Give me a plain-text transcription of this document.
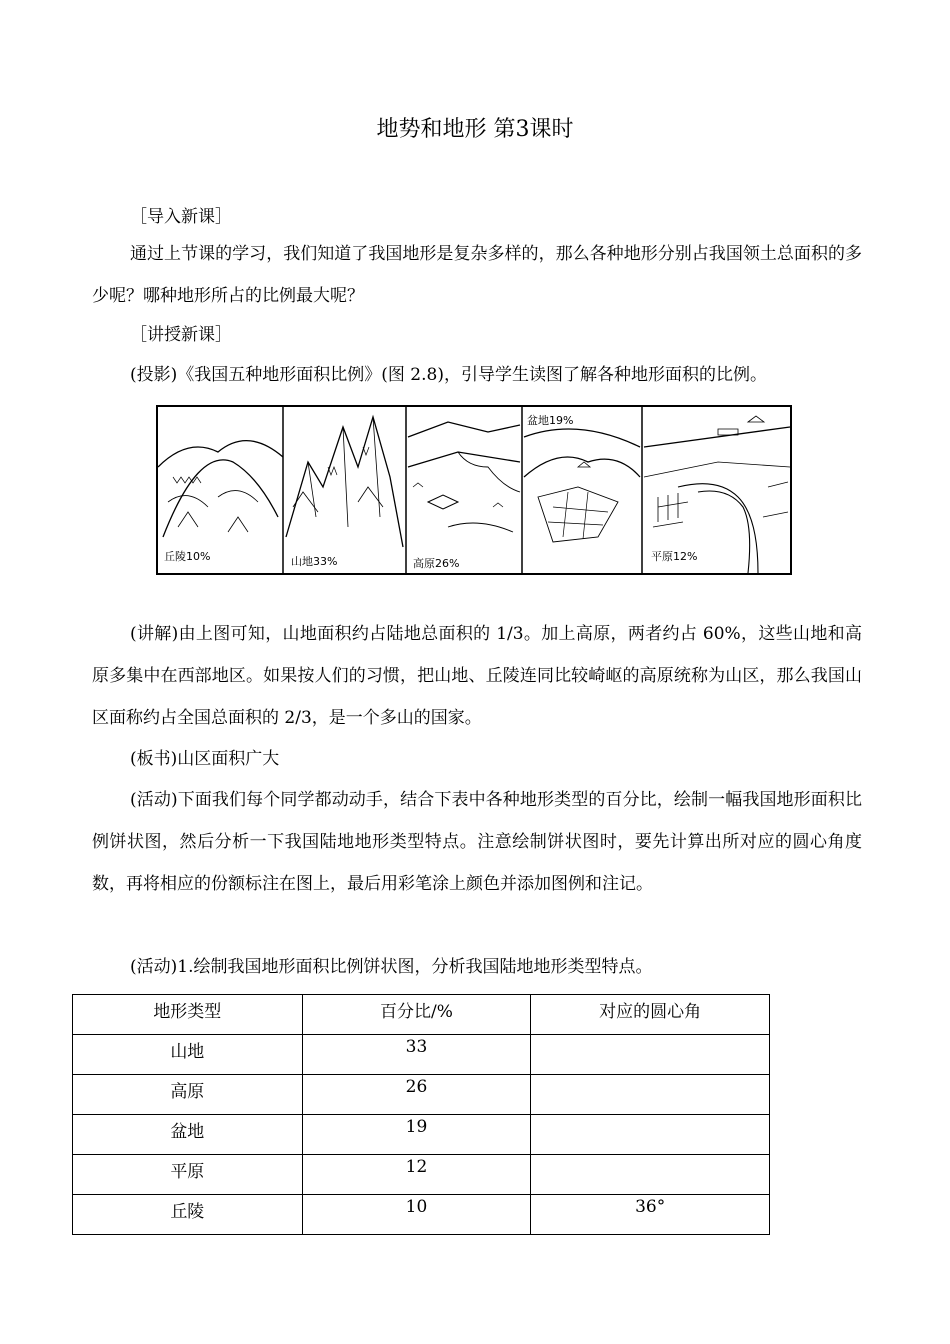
地势和地形 第3课时
［导入新课］
通过上节课的学习，我们知道了我国地形是复杂多样的，那么各种地形分别占我国领土总面积的多少呢？哪种地形所占的比例最大呢？
［讲授新课］
(投影)《我国五种地形面积比例》(图 2.8)，引导学生读图了解各种地形面积的比例。
丘陵10%	山地33%	高原26%
盆地19%
平原12%
(讲解)由上图可知，山地面积约占陆地总面积的 1/3。加上高原，两者约占 60%，这些山地和高原多集中在西部地区。如果按人们的习惯，把山地、丘陵连同比较崎岖的高原统称为山区，那么我国山区面称约占全国总面积的 2/3，是一个多山的国家。
(板书)山区面积广大
(活动)下面我们每个同学都动动手，结合下表中各种地形类型的百分比，绘制一幅我国地形面积比例饼状图，然后分析一下我国陆地地形类型特点。注意绘制饼状图时，要先计算出所对应的圆心角度数，再将相应的份额标注在图上，最后用彩笔涂上颜色并添加图例和注记。
(活动)1.绘制我国地形面积比例饼状图，分析我国陆地地形类型特点。
地形类型	百分比/%	对应的圆心角
山地	33	
高原	26	
盆地	19	
平原	12	
丘陵	10	36°
